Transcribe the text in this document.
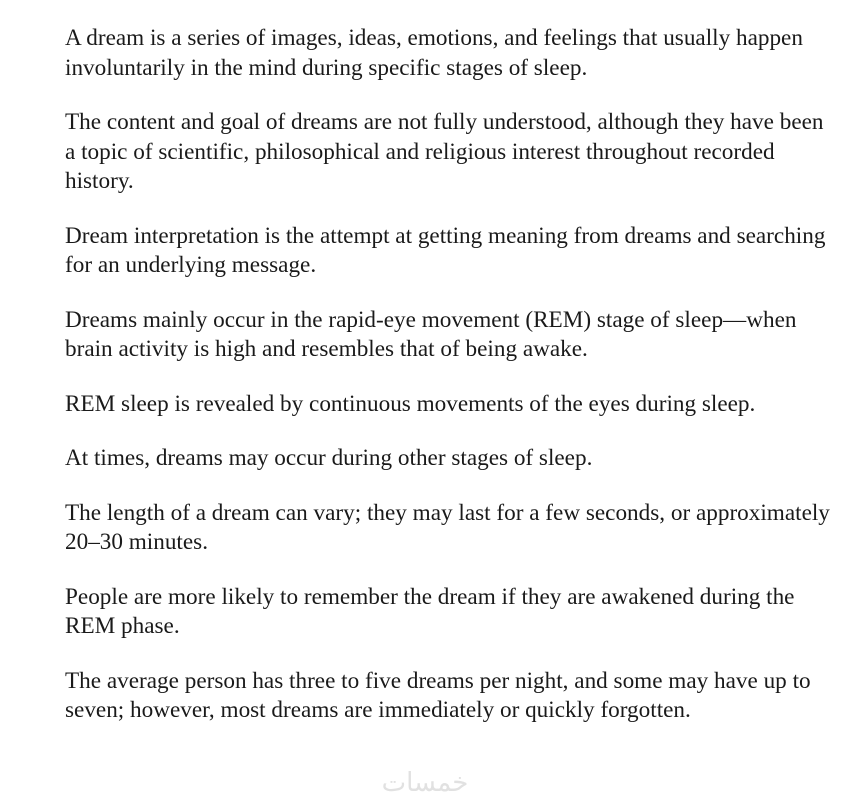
A dream is a series of images, ideas, emotions, and feelings that usually happen involuntarily in the mind during specific stages of sleep.

The content and goal of dreams are not fully understood, although they have been a topic of scientific, philosophical and religious interest throughout recorded history.

Dream interpretation is the attempt at getting meaning from dreams and searching for an underlying message.

Dreams mainly occur in the rapid-eye movement (REM) stage of sleep—when brain activity is high and resembles that of being awake.

REM sleep is revealed by continuous movements of the eyes during sleep.

At times, dreams may occur during other stages of sleep.

The length of a dream can vary; they may last for a few seconds, or approximately 20–30 minutes.

People are more likely to remember the dream if they are awakened during the REM phase.

The average person has three to five dreams per night, and some may have up to seven; however, most dreams are immediately or quickly forgotten.

خمسات
